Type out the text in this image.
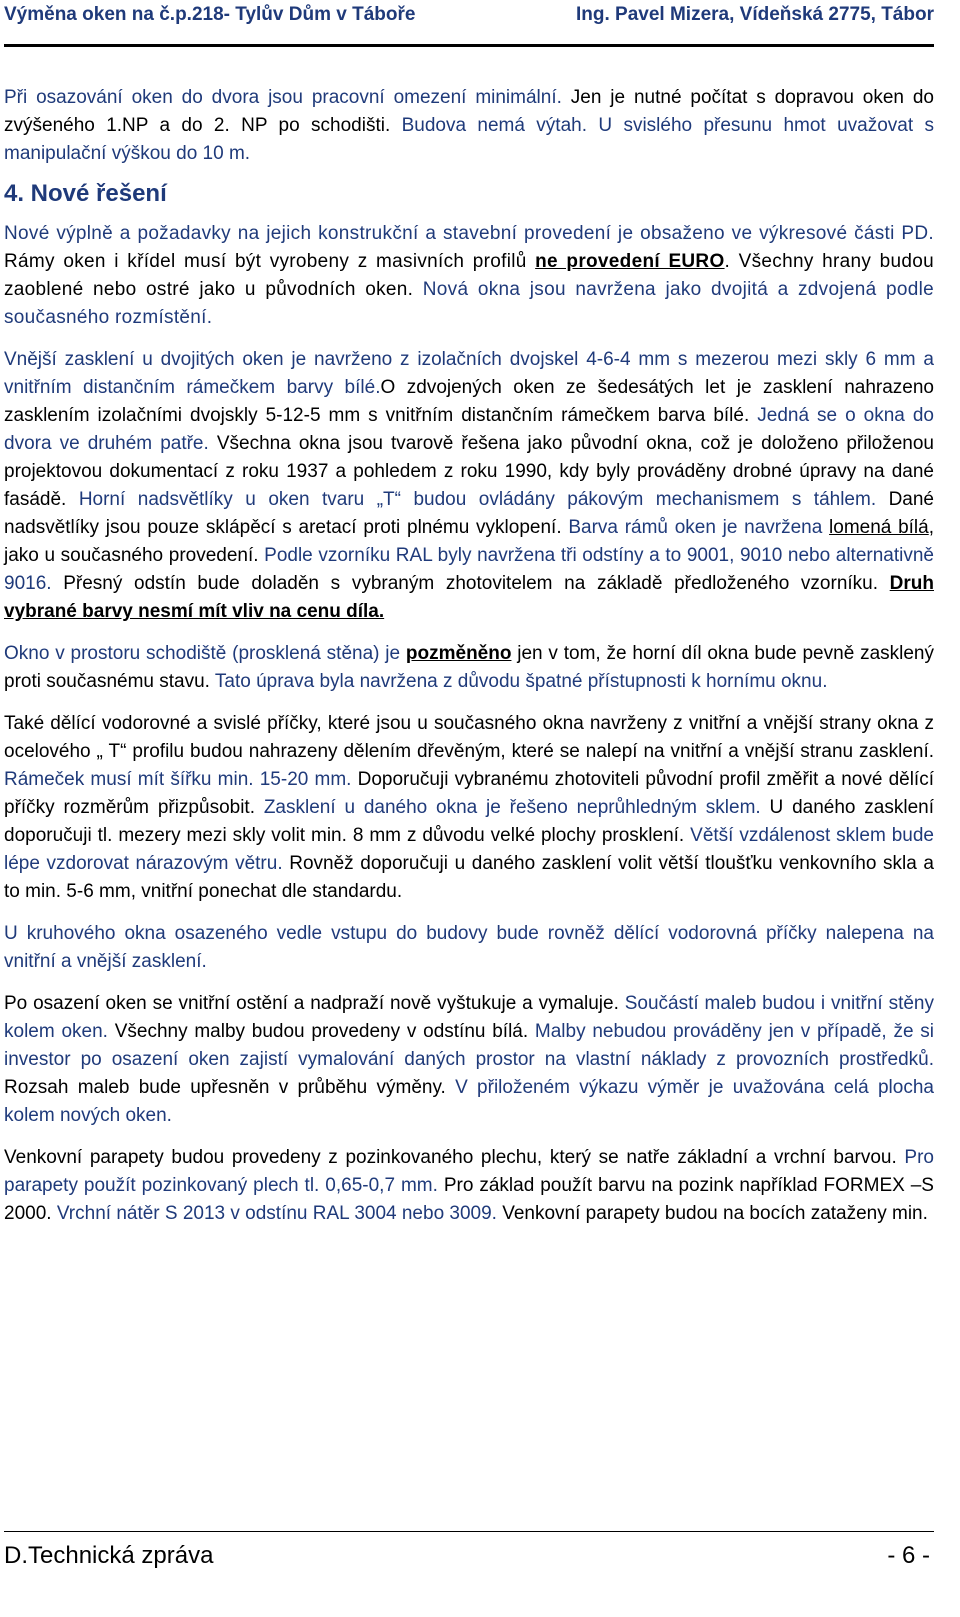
Výměna oken na č.p.218- Tylův Dům v Táboře	Ing. Pavel Mizera, Vídeňská 2775, Tábor

Při osazování oken do dvora jsou pracovní omezení minimální. Jen je nutné počítat s dopravou oken do zvýšeného 1.NP a do 2. NP po schodišti. Budova nemá výtah. U svislého přesunu hmot uvažovat s manipulační výškou do 10 m.

4. Nové řešení

Nové výplně a požadavky na jejich konstrukční a stavební provedení je obsaženo ve výkresové části PD. Rámy oken i křídel musí být vyrobeny z masivních profilů ne provedení EURO. Všechny hrany budou zaoblené nebo ostré jako u původních oken. Nová okna jsou navržena jako dvojitá a zdvojená podle současného rozmístění.

Vnější zasklení u dvojitých oken je navrženo z izolačních dvojskel 4-6-4 mm s mezerou mezi skly 6 mm a vnitřním distančním rámečkem barvy bílé.O zdvojených oken ze šedesátých let je zasklení nahrazeno zasklením izolačními dvojskly 5-12-5 mm s vnitřním distančním rámečkem barva bílé. Jedná se o okna do dvora ve druhém patře. Všechna okna jsou tvarově řešena jako původní okna, což je doloženo přiloženou projektovou dokumentací z roku 1937 a pohledem z roku 1990, kdy byly prováděny drobné úpravy na dané fasádě. Horní nadsvětlíky u oken tvaru „T“ budou ovládány pákovým mechanismem s táhlem. Dané nadsvětlíky jsou pouze sklápěcí s aretací proti plnému vyklopení. Barva rámů oken je navržena lomená bílá, jako u současného provedení. Podle vzorníku RAL byly navržena tři odstíny a to 9001, 9010 nebo alternativně 9016. Přesný odstín bude doladěn s vybraným zhotovitelem na základě předloženého vzorníku. Druh vybrané barvy nesmí mít vliv na cenu díla.

Okno v prostoru schodiště (prosklená stěna) je pozměněno jen v tom, že horní díl okna bude pevně zasklený proti současnému stavu. Tato úprava byla navržena z důvodu špatné přístupnosti k hornímu oknu.

Také dělící vodorovné a svislé příčky, které jsou u současného okna navrženy z vnitřní a vnější strany okna z ocelového „ T“ profilu budou nahrazeny dělením dřevěným, které se nalepí na vnitřní a vnější stranu zasklení. Rámeček musí mít šířku min. 15-20 mm. Doporučuji vybranému zhotoviteli původní profil změřit a nové dělící příčky rozměrům přizpůsobit. Zasklení u daného okna je řešeno neprůhledným sklem. U daného zasklení doporučuji tl. mezery mezi skly volit min. 8 mm z důvodu velké plochy prosklení. Větší vzdálenost sklem bude lépe vzdorovat nárazovým větru. Rovněž doporučuji u daného zasklení volit větší tloušťku venkovního skla a to min. 5-6 mm, vnitřní ponechat dle standardu.

U kruhového okna osazeného vedle vstupu do budovy bude rovněž dělící vodorovná příčky nalepena na vnitřní a vnější zasklení.

Po osazení oken se vnitřní ostění a nadpraží nově vyštukuje a vymaluje. Součástí maleb budou i vnitřní stěny kolem oken. Všechny malby budou provedeny v odstínu bílá. Malby nebudou prováděny jen v případě, že si investor po osazení oken zajistí vymalování daných prostor na vlastní náklady z provozních prostředků. Rozsah maleb bude upřesněn v průběhu výměny. V přiloženém výkazu výměr je uvažována celá plocha kolem nových oken.

Venkovní parapety budou provedeny z pozinkovaného plechu, který se natře základní a vrchní barvou. Pro parapety použít pozinkovaný plech tl. 0,65-0,7 mm. Pro základ použít barvu na pozink například FORMEX –S 2000. Vrchní nátěr S 2013 v odstínu RAL 3004 nebo 3009. Venkovní parapety budou na bocích zataženy min.

D.Technická zpráva	- 6 -
